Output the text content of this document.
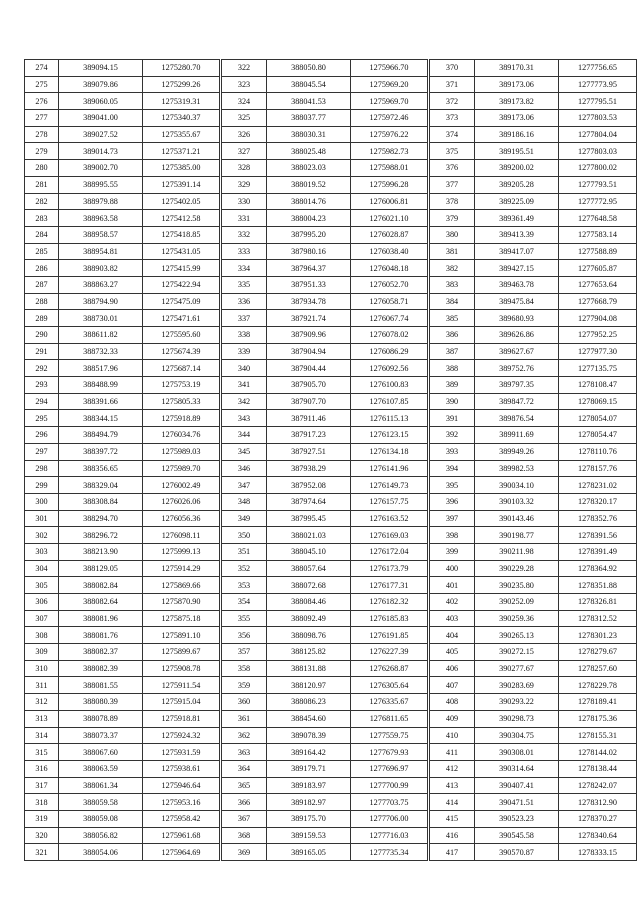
274	389094.15	1275280.70	322	388050.80	1275966.70	370	389170.31	1277756.65
275	389079.86	1275299.26	323	388045.54	1275969.20	371	389173.06	1277773.95
276	389060.05	1275319.31	324	388041.53	1275969.70	372	389173.82	1277795.51
277	389041.00	1275340.37	325	388037.77	1275972.46	373	389173.06	1277803.53
278	389027.52	1275355.67	326	388030.31	1275976.22	374	389186.16	1277804.04
279	389014.73	1275371.21	327	388025.48	1275982.73	375	389195.51	1277803.03
280	389002.70	1275385.00	328	388023.03	1275988.01	376	389200.02	1277800.02
281	388995.55	1275391.14	329	388019.52	1275996.28	377	389205.28	1277793.51
282	388979.88	1275402.05	330	388014.76	1276006.81	378	389225.09	1277772.95
283	388963.58	1275412.58	331	388004.23	1276021.10	379	389361.49	1277648.58
284	388958.57	1275418.85	332	387995.20	1276028.87	380	389413.39	1277583.14
285	388954.81	1275431.05	333	387980.16	1276038.40	381	389417.07	1277588.89
286	388903.82	1275415.99	334	387964.37	1276048.18	382	389427.15	1277605.87
287	388863.27	1275422.94	335	387951.33	1276052.70	383	389463.78	1277653.64
288	388794.90	1275475.09	336	387934.78	1276058.71	384	389475.84	1277668.79
289	388730.01	1275471.61	337	387921.74	1276067.74	385	389680.93	1277904.08
290	388611.82	1275595.60	338	387909.96	1276078.02	386	389626.86	1277952.25
291	388732.33	1275674.39	339	387904.94	1276086.29	387	389627.67	1277977.30
292	388517.96	1275687.14	340	387904.44	1276092.56	388	389752.76	1277135.75
293	388488.99	1275753.19	341	387905.70	1276100.83	389	389797.35	1278108.47
294	388391.66	1275805.33	342	387907.70	1276107.85	390	389847.72	1278069.15
295	388344.15	1275918.89	343	387911.46	1276115.13	391	389876.54	1278054.07
296	388494.79	1276034.76	344	387917.23	1276123.15	392	389911.69	1278054.47
297	388397.72	1275989.03	345	387927.51	1276134.18	393	389949.26	1278110.76
298	388356.65	1275989.70	346	387938.29	1276141.96	394	389982.53	1278157.76
299	388329.04	1276002.49	347	387952.08	1276149.73	395	390034.10	1278231.02
300	388308.84	1276026.06	348	387974.64	1276157.75	396	390103.32	1278320.17
301	388294.70	1276056.36	349	387995.45	1276163.52	397	390143.46	1278352.76
302	388296.72	1276098.11	350	388021.03	1276169.03	398	390198.77	1278391.56
303	388213.90	1275999.13	351	388045.10	1276172.04	399	390211.98	1278391.49
304	388129.05	1275914.29	352	388057.64	1276173.79	400	390229.28	1278364.92
305	388082.84	1275869.66	353	388072.68	1276177.31	401	390235.80	1278351.88
306	388082.64	1275870.90	354	388084.46	1276182.32	402	390252.09	1278326.81
307	388081.96	1275875.18	355	388092.49	1276185.83	403	390259.36	1278312.52
308	388081.76	1275891.10	356	388098.76	1276191.85	404	390265.13	1278301.23
309	388082.37	1275899.67	357	388125.82	1276227.39	405	390272.15	1278279.67
310	388082.39	1275908.78	358	388131.88	1276268.87	406	390277.67	1278257.60
311	388081.55	1275911.54	359	388120.97	1276305.64	407	390283.69	1278229.78
312	388080.39	1275915.04	360	388086.23	1276335.67	408	390293.22	1278189.41
313	388078.89	1275918.81	361	388454.60	1276811.65	409	390298.73	1278175.36
314	388073.37	1275924.32	362	389078.39	1277559.75	410	390304.75	1278155.31
315	388067.60	1275931.59	363	389164.42	1277679.93	411	390308.01	1278144.02
316	388063.59	1275938.61	364	389179.71	1277696.97	412	390314.64	1278138.44
317	388061.34	1275946.64	365	389183.97	1277700.99	413	390407.41	1278242.07
318	388059.58	1275953.16	366	389182.97	1277703.75	414	390471.51	1278312.90
319	388059.08	1275958.42	367	389175.70	1277706.00	415	390523.23	1278370.27
320	388056.82	1275961.68	368	389159.53	1277716.03	416	390545.58	1278340.64
321	388054.06	1275964.69	369	389165.05	1277735.34	417	390570.87	1278333.15
